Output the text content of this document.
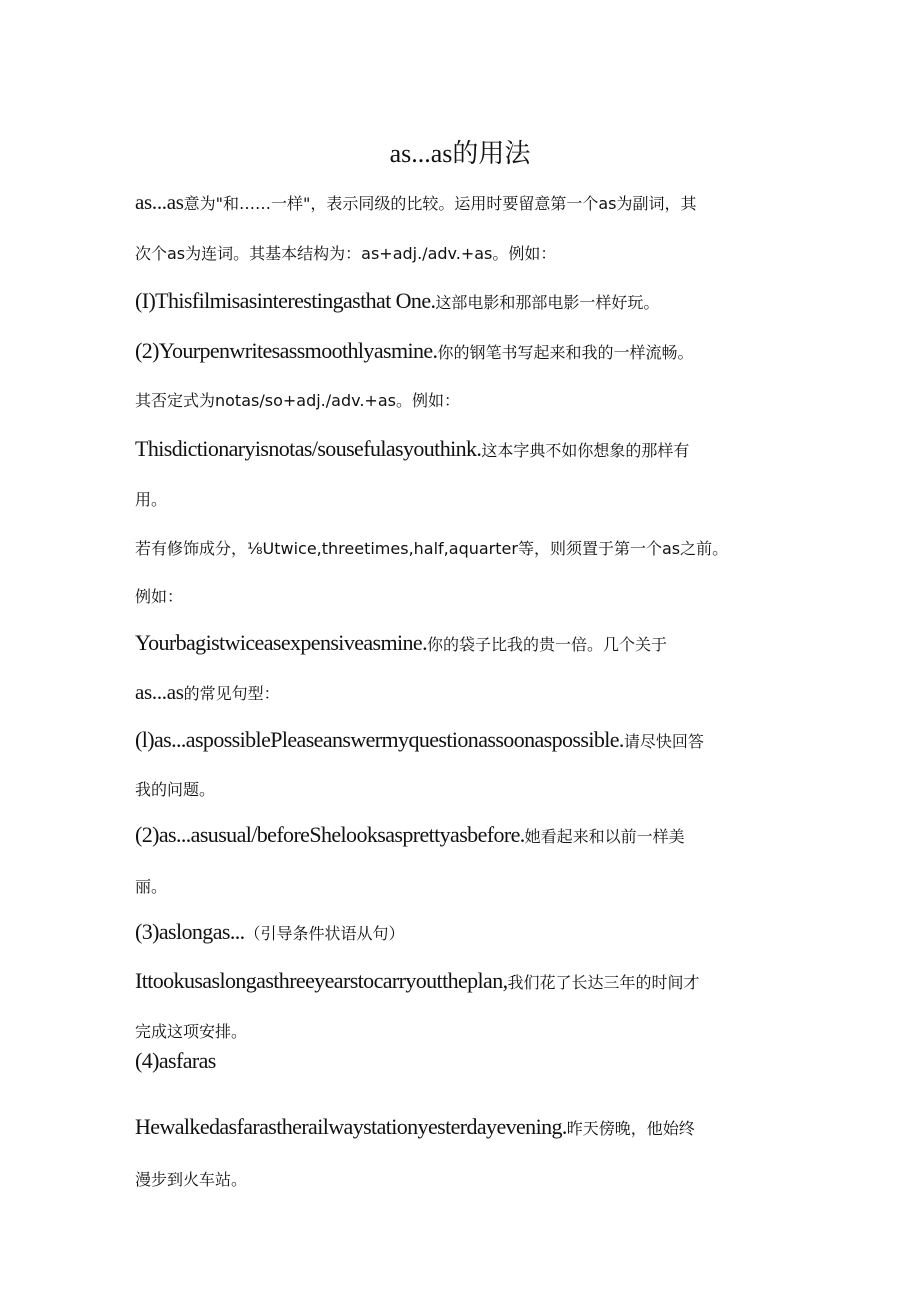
as...as的用法
as...as意为"和……一样"，表示同级的比较。运用时要留意第一个as为副词，其
次个as为连词。其基本结构为：as+adj./adv.+as。例如：
(I)Thisfilmisasinterestingasthat One.这部电影和那部电影一样好玩。
(2)Yourpenwritesassmoothlyasmine.你的钢笔书写起来和我的一样流畅。
其否定式为notas/so+adj./adv.+as。例如：
Thisdictionaryisnotas/sousefulasyouthink.这本字典不如你想象的那样有
用。
若有修饰成分，⅛Utwice,threetimes,half,aquarter等，则须置于第一个as之前。
例如：
Yourbagistwiceasexpensiveasmine.你的袋子比我的贵一倍。几个关于
as...as的常见句型：
(l)as...aspossiblePleaseanswermyquestionassoonaspossible.请尽快回答
我的问题。
(2)as...asusual/beforeShelooksasprettyasbefore.她看起来和以前一样美
丽。
(3)aslongas...（引导条件状语从句）
Ittookusaslongasthreeyearstocarryouttheplan,我们花了长达三年的时间才
完成这项安排。
(4)asfaras
Hewalkedasfarastherailwaystationyesterdayevening.昨天傍晚，他始终
漫步到火车站。
